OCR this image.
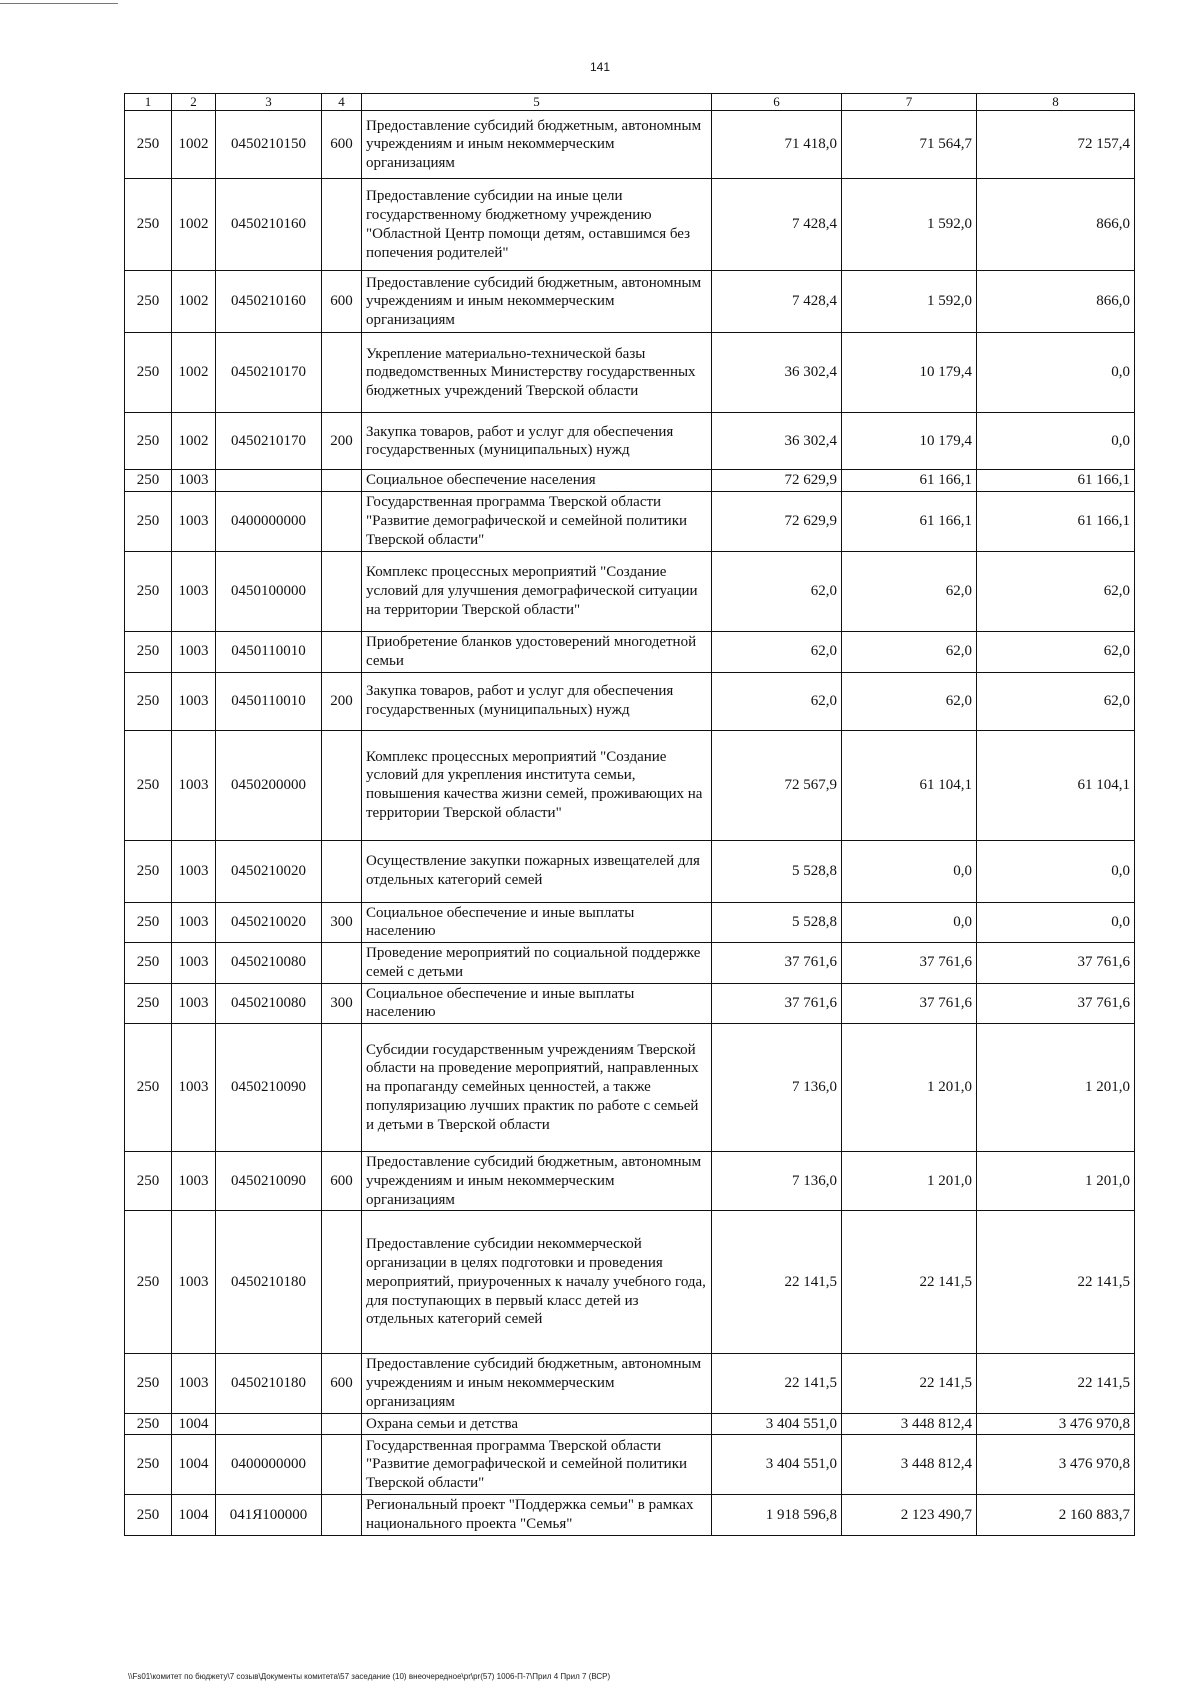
141
1	2	3	4	5	6	7	8
250	1002	0450210150	600	Предоставление субсидий бюджетным, автономным учреждениям и иным некоммерческим организациям	71 418,0	71 564,7	72 157,4
250	1002	0450210160		Предоставление субсидии на иные цели государственному бюджетному учреждению "Областной Центр помощи детям, оставшимся без попечения родителей"	7 428,4	1 592,0	866,0
250	1002	0450210160	600	Предоставление субсидий бюджетным, автономным учреждениям и иным некоммерческим организациям	7 428,4	1 592,0	866,0
250	1002	0450210170		Укрепление материально-технической базы подведомственных Министерству государственных бюджетных учреждений Тверской области	36 302,4	10 179,4	0,0
250	1002	0450210170	200	Закупка товаров, работ и услуг для обеспечения государственных (муниципальных) нужд	36 302,4	10 179,4	0,0
250	1003			Социальное обеспечение населения	72 629,9	61 166,1	61 166,1
250	1003	0400000000		Государственная программа Тверской области "Развитие демографической и семейной политики Тверской области"	72 629,9	61 166,1	61 166,1
250	1003	0450100000		Комплекс процессных мероприятий "Создание условий для улучшения демографической ситуации на территории Тверской области"	62,0	62,0	62,0
250	1003	0450110010		Приобретение бланков удостоверений многодетной семьи	62,0	62,0	62,0
250	1003	0450110010	200	Закупка товаров, работ и услуг для обеспечения государственных (муниципальных) нужд	62,0	62,0	62,0
250	1003	0450200000		Комплекс процессных мероприятий "Создание условий для укрепления института семьи, повышения качества жизни семей, проживающих на территории Тверской области"	72 567,9	61 104,1	61 104,1
250	1003	0450210020		Осуществление закупки пожарных извещателей для отдельных категорий семей	5 528,8	0,0	0,0
250	1003	0450210020	300	Социальное обеспечение и иные выплаты населению	5 528,8	0,0	0,0
250	1003	0450210080		Проведение мероприятий по социальной поддержке семей с детьми	37 761,6	37 761,6	37 761,6
250	1003	0450210080	300	Социальное обеспечение и иные выплаты населению	37 761,6	37 761,6	37 761,6
250	1003	0450210090		Субсидии государственным учреждениям Тверской области на проведение мероприятий, направленных на пропаганду семейных ценностей, а также популяризацию лучших практик по работе с семьей и детьми в Тверской области	7 136,0	1 201,0	1 201,0
250	1003	0450210090	600	Предоставление субсидий бюджетным, автономным учреждениям и иным некоммерческим организациям	7 136,0	1 201,0	1 201,0
250	1003	0450210180		Предоставление субсидии некоммерческой организации в целях подготовки и проведения мероприятий, приуроченных к началу учебного года, для поступающих в первый класс детей из отдельных категорий семей	22 141,5	22 141,5	22 141,5
250	1003	0450210180	600	Предоставление субсидий бюджетным, автономным учреждениям и иным некоммерческим организациям	22 141,5	22 141,5	22 141,5
250	1004			Охрана семьи и детства	3 404 551,0	3 448 812,4	3 476 970,8
250	1004	0400000000		Государственная программа Тверской области "Развитие демографической и семейной политики Тверской области"	3 404 551,0	3 448 812,4	3 476 970,8
250	1004	041Я100000		Региональный проект "Поддержка семьи" в рамках национального проекта "Семья"	1 918 596,8	2 123 490,7	2 160 883,7
\\Fs01\комитет по бюджету\7 созыв\Документы комитета\57 заседание (10) внеочередное\pr\pr(57) 1006-П-7\Прил 4 Прил 7 (ВСР)
